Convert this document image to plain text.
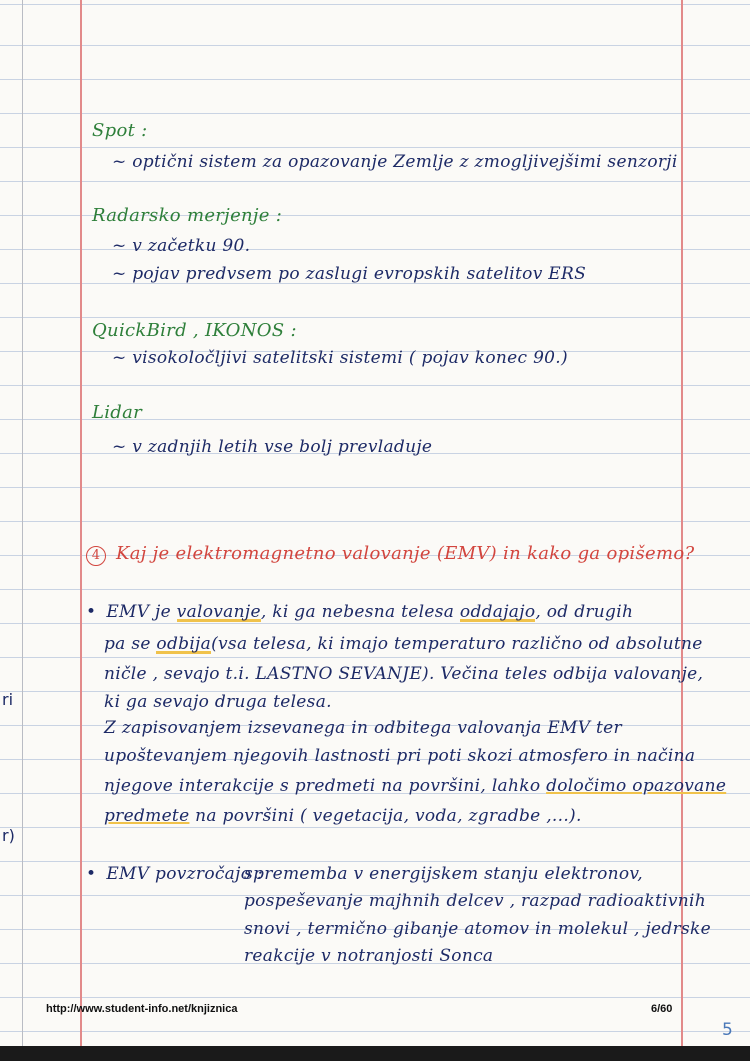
ri
r)
Spot :
~ optični sistem za opazovanje Zemlje z zmogljivejšimi senzorji
Radarsko merjenje :
~ v začetku 90.
~ pojav predvsem po zaslugi evropskih satelitov ERS
QuickBird , IKONOS :
~ visokoločljivi satelitski sistemi ( pojav konec 90.)
Lidar
~ v zadnjih letih vse bolj prevladuje
4 Kaj je elektromagnetno valovanje (EMV) in kako ga opišemo?
• EMV je valovanje, ki ga nebesna telesa oddajajo, od drugih
pa se odbija(vsa telesa, ki imajo temperaturo različno od absolutne
ničle , sevajo t.i. LASTNO SEVANJE). Večina teles odbija valovanje,
ki ga sevajo druga telesa.
Z zapisovanjem izsevanega in odbitega valovanja EMV ter
upoštevanjem njegovih lastnosti pri poti skozi atmosfero in načina
njegove interakcije s predmeti na površini, lahko določimo opazovane
predmete na površini ( vegetacija, voda, zgradbe ,...).
• EMV povzročajo :
sprememba v energijskem stanju elektronov,
pospeševanje majhnih delcev , razpad radioaktivnih
snovi , termično gibanje atomov in molekul , jedrske
reakcije v notranjosti Sonca
http://www.student-info.net/knjiznica	6/60
5
